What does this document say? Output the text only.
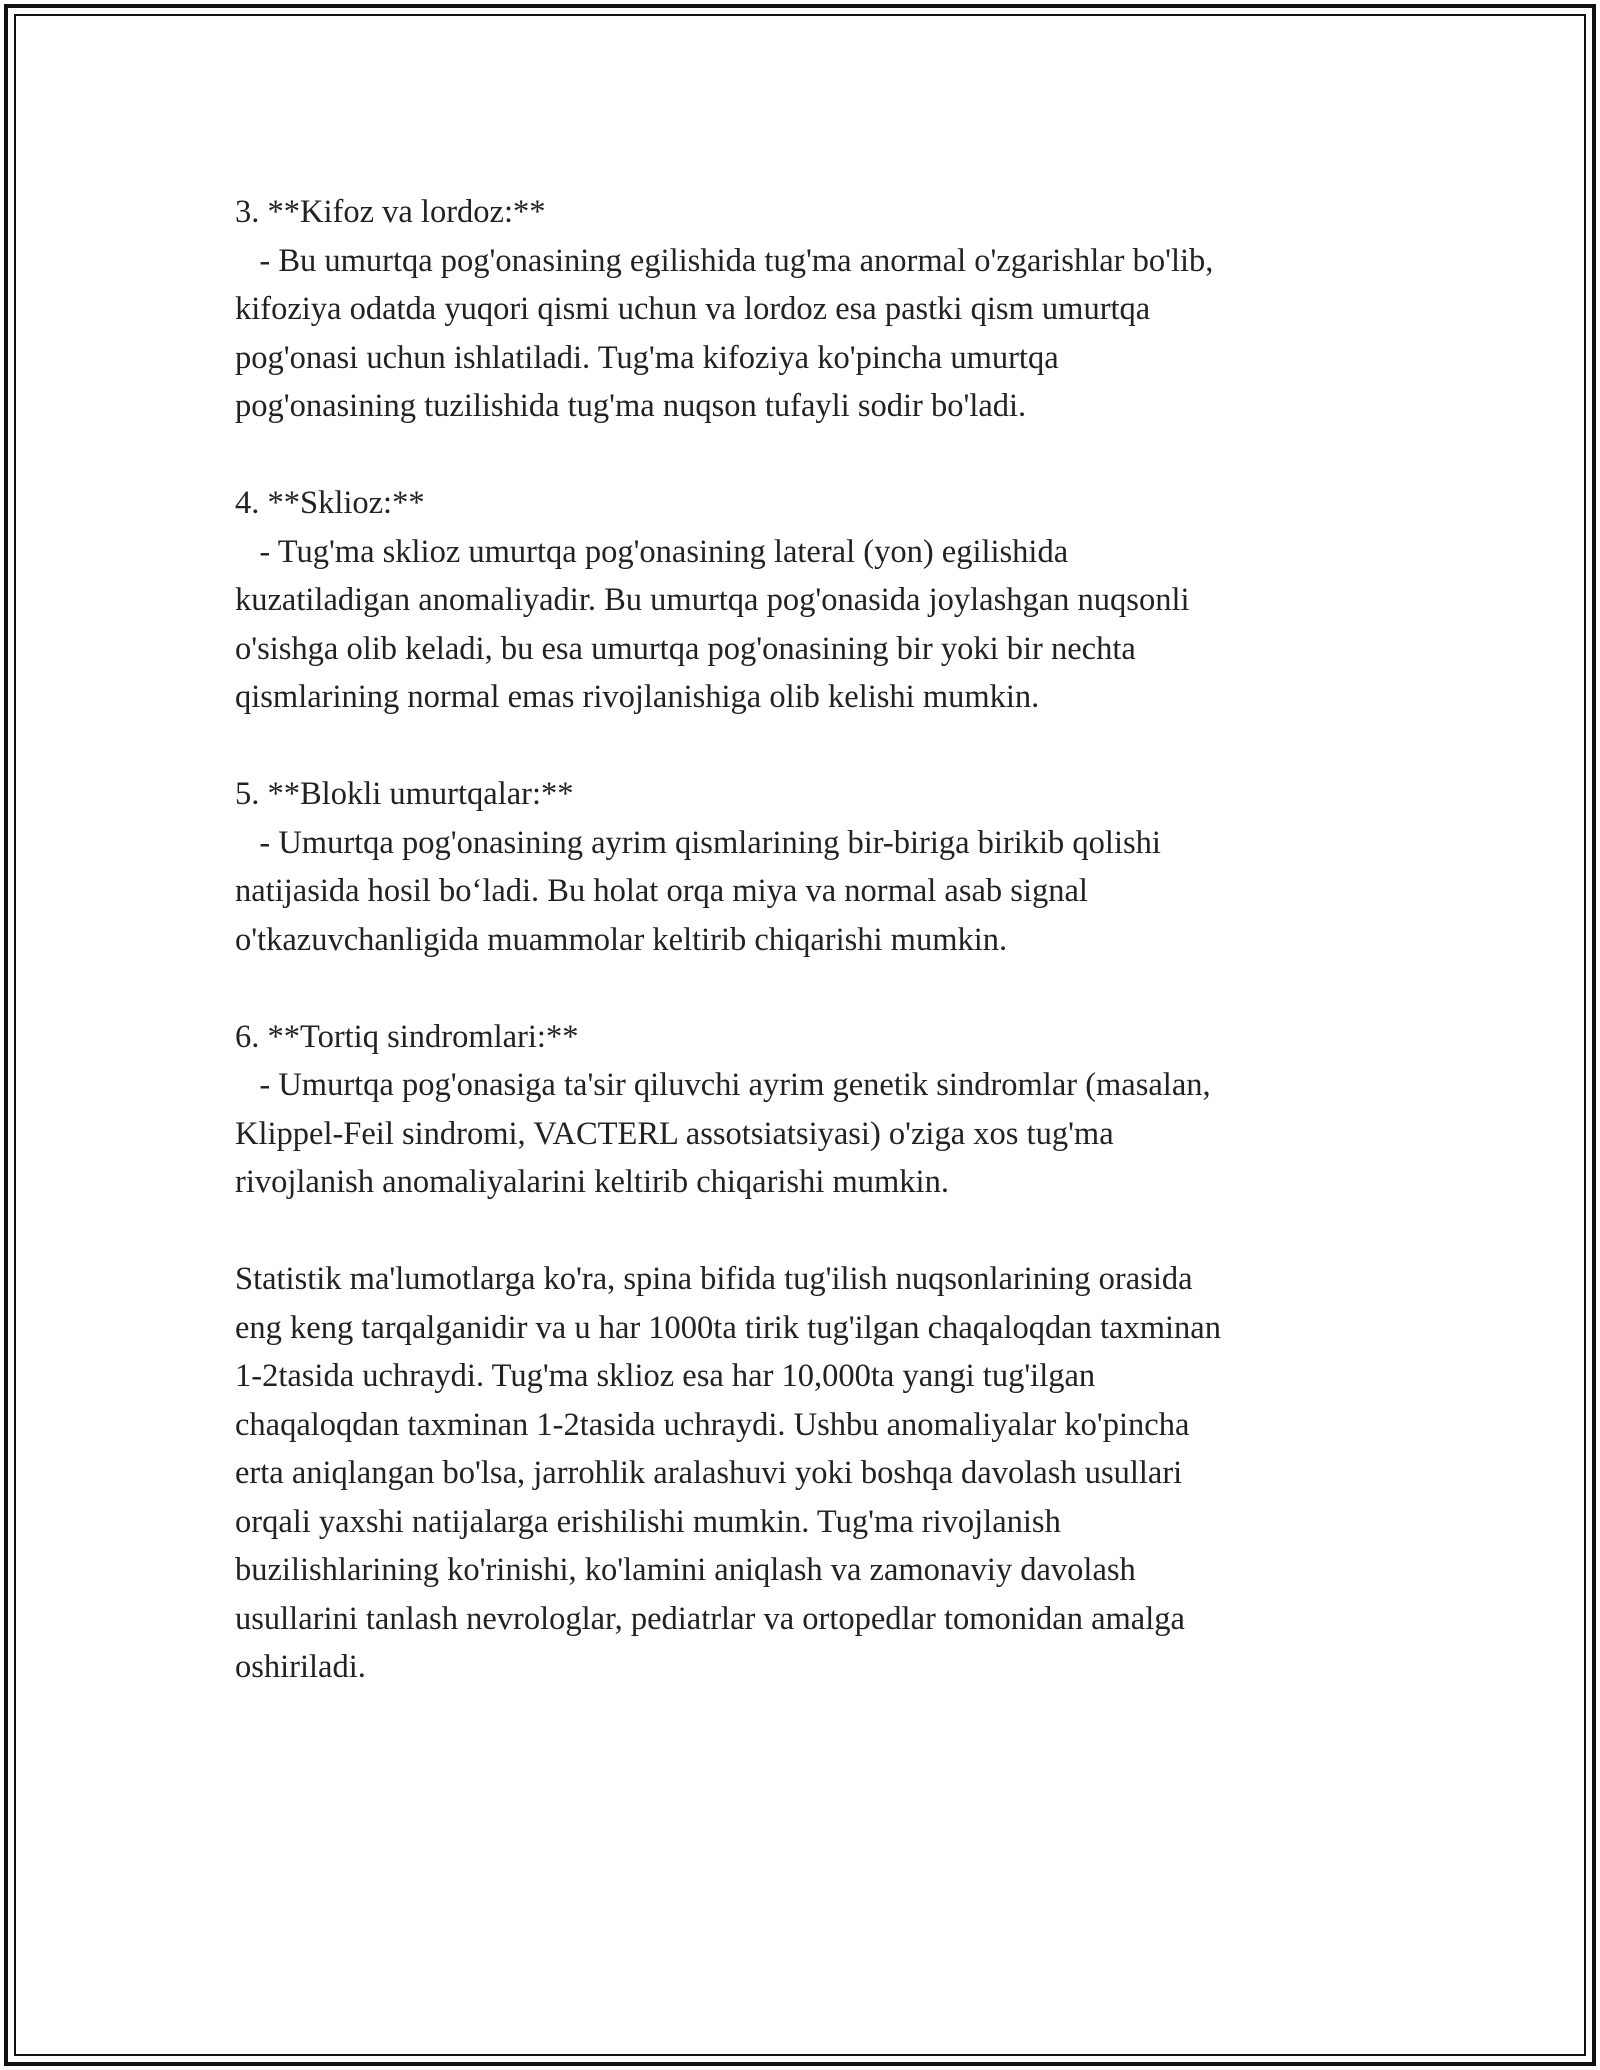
3. **Kifoz va lordoz:**
- Bu umurtqa pog'onasining egilishida tug'ma anormal o'zgarishlar bo'lib,
kifoziya odatda yuqori qismi uchun va lordoz esa pastki qism umurtqa
pog'onasi uchun ishlatiladi. Tug'ma kifoziya ko'pincha umurtqa
pog'onasining tuzilishida tug'ma nuqson tufayli sodir bo'ladi.
4. **Sklioz:**
- Tug'ma sklioz umurtqa pog'onasining lateral (yon) egilishida
kuzatiladigan anomaliyadir. Bu umurtqa pog'onasida joylashgan nuqsonli
o'sishga olib keladi, bu esa umurtqa pog'onasining bir yoki bir nechta
qismlarining normal emas rivojlanishiga olib kelishi mumkin.
5. **Blokli umurtqalar:**
- Umurtqa pog'onasining ayrim qismlarining bir-biriga birikib qolishi
natijasida hosil bo‘ladi. Bu holat orqa miya va normal asab signal
o'tkazuvchanligida muammolar keltirib chiqarishi mumkin.
6. **Tortiq sindromlari:**
- Umurtqa pog'onasiga ta'sir qiluvchi ayrim genetik sindromlar (masalan,
Klippel-Feil sindromi, VACTERL assotsiatsiyasi) o'ziga xos tug'ma
rivojlanish anomaliyalarini keltirib chiqarishi mumkin.
Statistik ma'lumotlarga ko'ra, spina bifida tug'ilish nuqsonlarining orasida
eng keng tarqalganidir va u har 1000ta tirik tug'ilgan chaqaloqdan taxminan
1-2tasida uchraydi. Tug'ma sklioz esa har 10,000ta yangi tug'ilgan
chaqaloqdan taxminan 1-2tasida uchraydi. Ushbu anomaliyalar ko'pincha
erta aniqlangan bo'lsa, jarrohlik aralashuvi yoki boshqa davolash usullari
orqali yaxshi natijalarga erishilishi mumkin. Tug'ma rivojlanish
buzilishlarining ko'rinishi, ko'lamini aniqlash va zamonaviy davolash
usullarini tanlash nevrologlar, pediatrlar va ortopedlar tomonidan amalga
oshiriladi.
